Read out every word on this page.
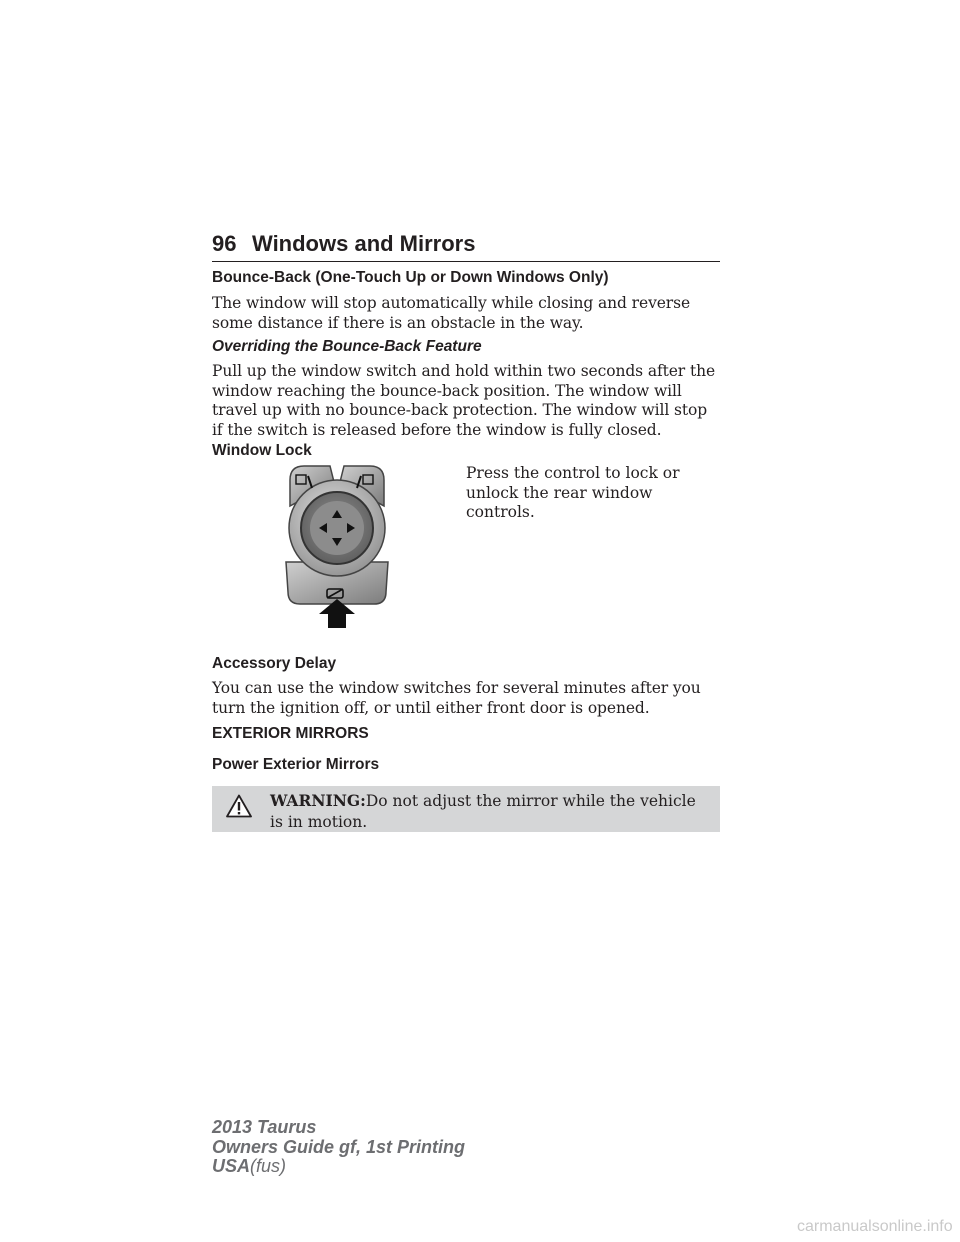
96 Windows and Mirrors

Bounce-Back (One-Touch Up or Down Windows Only)

The window will stop automatically while closing and reverse some distance if there is an obstacle in the way.

Overriding the Bounce-Back Feature

Pull up the window switch and hold within two seconds after the window reaching the bounce-back position. The window will travel up with no bounce-back protection. The window will stop if the switch is released before the window is fully closed.

Window Lock

Press the control to lock or unlock the rear window controls.

Accessory Delay

You can use the window switches for several minutes after you turn the ignition off, or until either front door is opened.

EXTERIOR MIRRORS

Power Exterior Mirrors

WARNING:Do not adjust the mirror while the vehicle is in motion.

2013 Taurus
Owners Guide gf, 1st Printing
USA(fus)
carmanualsonline.info
